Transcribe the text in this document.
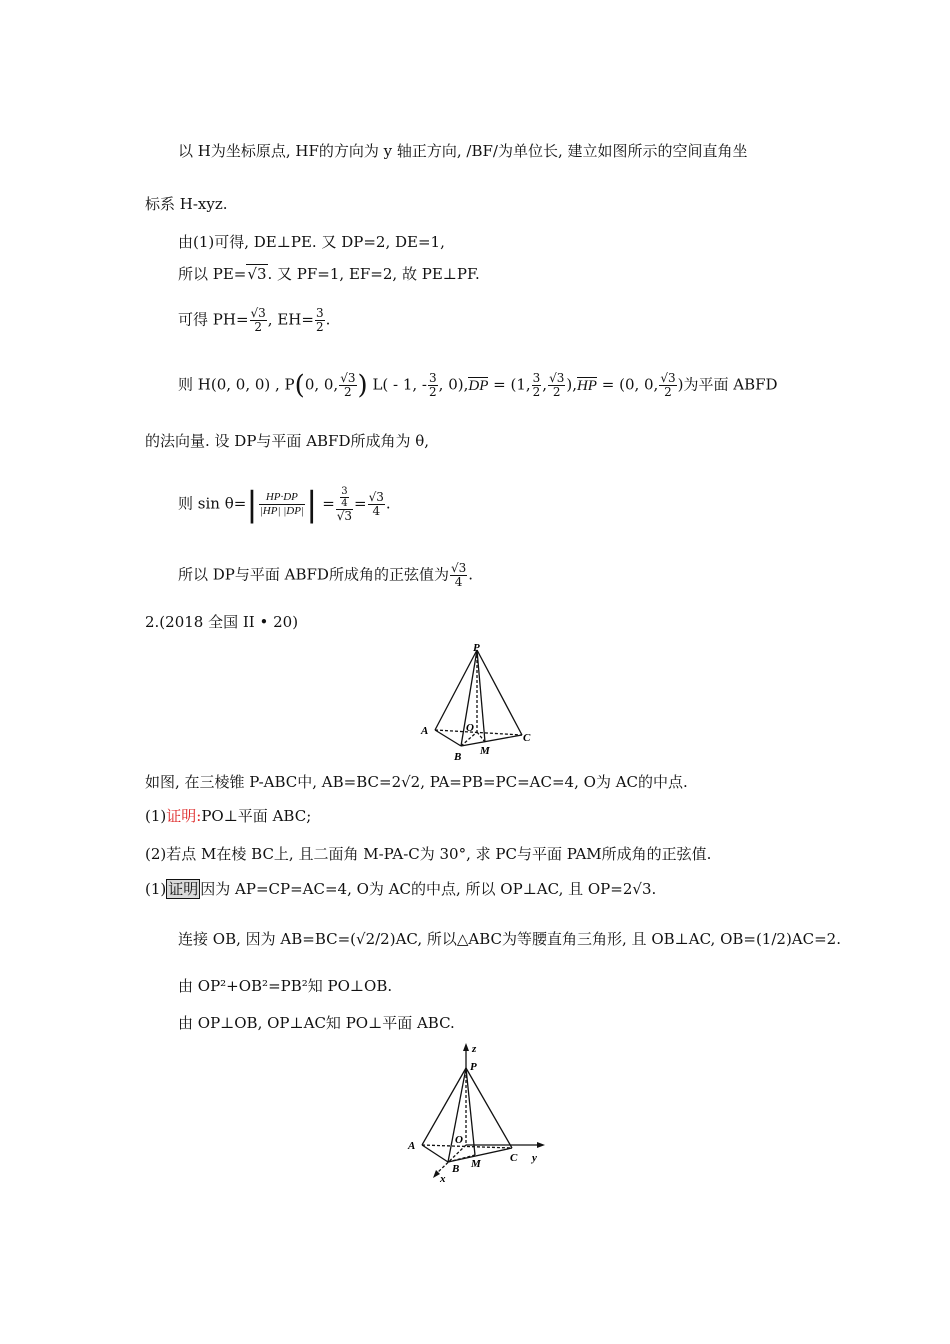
以 H为坐标原点, HF的方向为 y 轴正方向, /BF/为单位长, 建立如图所示的空间直角坐
标系 H-xyz.
由(1)可得, DE⊥PE. 又 DP=2, DE=1,
所以 PE=√3. 又 PF=1, EF=2, 故 PE⊥PF.
可得 $PH= \frac{√3}{2}$ , $EH= \frac{3}{2}$ .
则 H(0, 0, 0) , P(0, 0, $\frac{√3}{2}$ ) L( - 1, - $\frac{3}{2}$ , 0),DP = (1, $\frac{3}{2}$ , $\frac{√3}{2} ),HP = (0$, 0, $\frac{√3}{2}$ )为平面 ABFD
的法向量. 设 DP与平面 ABFD所成角为 θ,
则 $\sin \theta=| \frac{HP\cdot DP}{|HP| |DP|}$ | = $\frac{\frac{3}{4}}{√3} = \frac{√3}{4}$ .
所以 DP与平面 ABFD所成角的正弦值为 $\frac{√3}{4}$ .
2.(2018 全国 II • 20)
P
A
B
C
O
M
如图, 在三棱锥 P-ABC中, AB=BC=2√2, PA=PB=PC=AC=4, O为 AC的中点.
(1)证明:PO⊥平面 ABC;
(2)若点 M在棱 BC上, 且二面角 M-PA-C为 30°, 求 PC与平面 PAM所成角的正弦值.
(1) 证明 因为 AP=CP=AC=4, O为 AC的中点, 所以 OP⊥AC, 且 OP=2√3.
连接 OB, 因为 AB=BC=(√2/2)AC, 所以△ABC为等腰直角三角形, 且 OB⊥AC, OB=(1/2)AC=2.
由 OP²+OB²=PB²知 PO⊥OB.
由 OP⊥OB, OP⊥AC知 PO⊥平面 ABC.
z
P
A
B
C
O
M	y
x
